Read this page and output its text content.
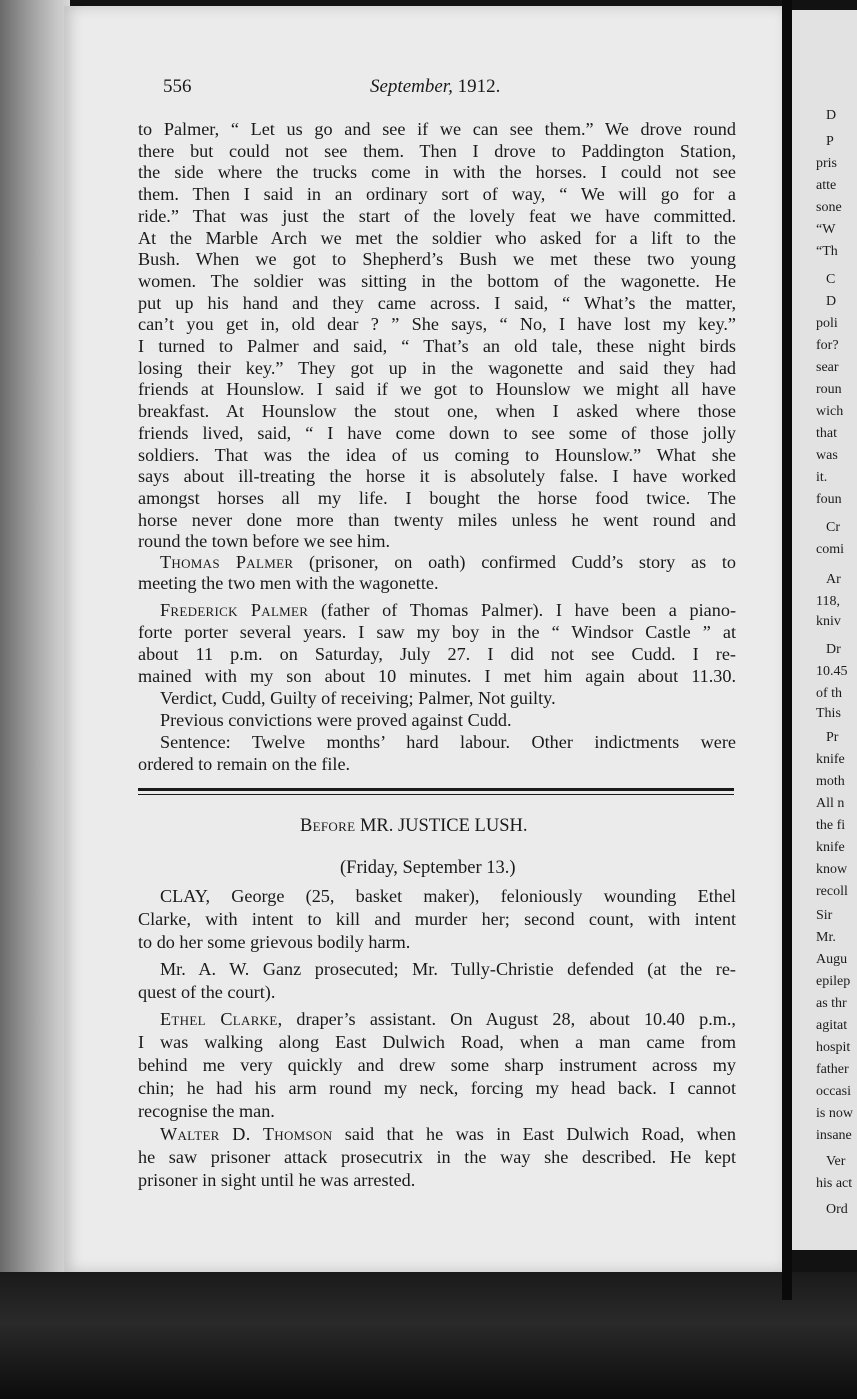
D
P
pris
atte
sone
“W
“Th
C
D
poli
for?
sear
roun
wich
that
was
it.
foun
Cr
comi
Ar
118,
kniv
Dr
10.45
of th
This
Pr
knife
moth
All n
the fi
knife
know
recoll
Sir
Mr.
Augu
epilep
as thr
agitat
hospit
father
occasi
is now
insane
Ver
his act
Ord
556	September, 1912.
to Palmer, “ Let us go and see if we can see them.” We drove round
there but could not see them. Then I drove to Paddington Station,
the side where the trucks come in with the horses. I could not see
them. Then I said in an ordinary sort of way, “ We will go for a
ride.” That was just the start of the lovely feat we have committed.
At the Marble Arch we met the soldier who asked for a lift to the
Bush. When we got to Shepherd’s Bush we met these two young
women. The soldier was sitting in the bottom of the wagonette. He
put up his hand and they came across. I said, “ What’s the matter,
can’t you get in, old dear ? ” She says, “ No, I have lost my key.”
I turned to Palmer and said, “ That’s an old tale, these night birds
losing their key.” They got up in the wagonette and said they had
friends at Hounslow. I said if we got to Hounslow we might all have
breakfast. At Hounslow the stout one, when I asked where those
friends lived, said, “ I have come down to see some of those jolly
soldiers. That was the idea of us coming to Hounslow.” What she
says about ill-treating the horse it is absolutely false. I have worked
amongst horses all my life. I bought the horse food twice. The
horse never done more than twenty miles unless he went round and
round the town before we see him.
Thomas Palmer (prisoner, on oath) confirmed Cudd’s story as to
meeting the two men with the wagonette.
Frederick Palmer (father of Thomas Palmer). I have been a piano-
forte porter several years. I saw my boy in the “ Windsor Castle ” at
about 11 p.m. on Saturday, July 27. I did not see Cudd. I re-
mained with my son about 10 minutes. I met him again about 11.30.
Verdict, Cudd, Guilty of receiving; Palmer, Not guilty.
Previous convictions were proved against Cudd.
Sentence: Twelve months’ hard labour. Other indictments were
ordered to remain on the file.
Before MR. JUSTICE LUSH.
(Friday, September 13.)
CLAY, George (25, basket maker), feloniously wounding Ethel
Clarke, with intent to kill and murder her; second count, with intent
to do her some grievous bodily harm.
Mr. A. W. Ganz prosecuted; Mr. Tully-Christie defended (at the re-
quest of the court).
Ethel Clarke, draper’s assistant. On August 28, about 10.40 p.m.,
I was walking along East Dulwich Road, when a man came from
behind me very quickly and drew some sharp instrument across my
chin; he had his arm round my neck, forcing my head back. I cannot
recognise the man.
Walter D. Thomson said that he was in East Dulwich Road, when
he saw prisoner attack prosecutrix in the way she described. He kept
prisoner in sight until he was arrested.
